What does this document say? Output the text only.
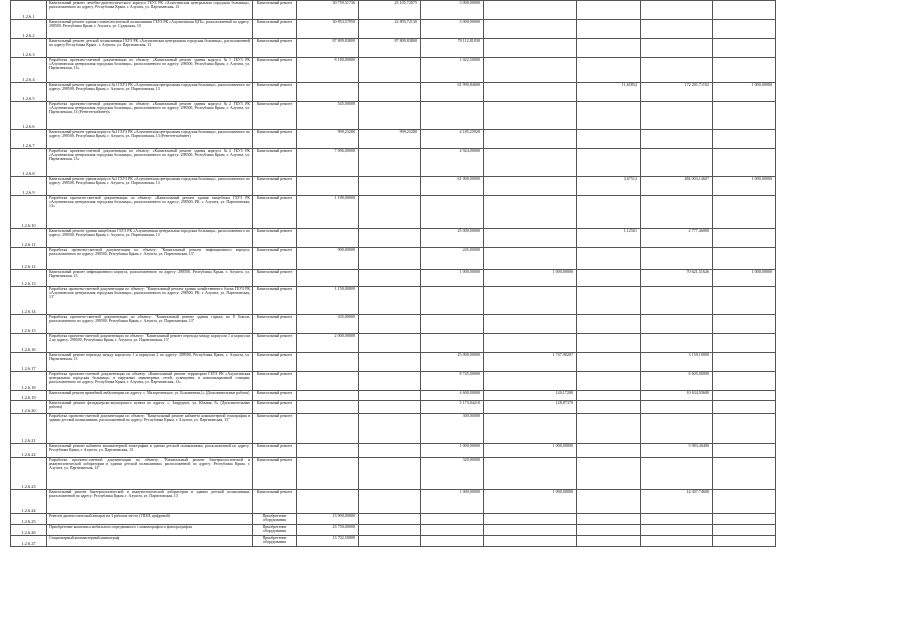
1.2.6.1	Капитальный ремонт лечебно-диагностического корпуса ГБУЗ РК «Алуштинская центральная городская больница», расположенного по адресу: Республика Крым, г. Алушта, ул. Партизанская, 13	Капитальный ремонт	30 759,31736	25 105,72075	3 000,00000				
1.2.6.2	Капитальный ремонт здания стоматологической поликлиники ГБУЗ РК «Алуштинская ЦГБ», расположенной по адресу: 298500, Республика Крым, г. Алушта, ул. Судакская, 10	Капитальный ремонт	30 853,57950	22 895,72130	3 000,00000				
1.2.6.3	Капитальный ремонт детской поликлиники ГБУЗ РК «Алуштинская центральная городская больница», расположенной по адресу:Республика Крым , г. Алушта, ул. Партизанская, 13	Капитальный ремонт	87 809,83800	87 809,83800	79 112,81830				
1.2.6.4	Разработка проектно-сметной документации по объекту: «Капитальный ремонт здания корпуса №1 ГБУЗ РК «Алуштинская центральная городская больница», расположенного по адресу: 298500, Республика Крым, г. Алушта, ул. Партизанская, 13»	Капитальный ремонт	8 180,00000		1 022,50000				
1.2.6.5	Капитальный ремонт здания корпуса №1 ГБУЗ РК «Алуштинская центральная городская больница», расположенного по адресу: 298500, Республика Крым, г. Алушта, ул. Партизанская, 13	Капитальный ремонт			61 990,84000		11,65852	172 201,71102	1 000,00000
1.2.6.6	Разработка проектно-сметной документации по объекту: «Капитальный ремонт здания корпуса №2 ГБУЗ РК «Алуштинская центральная городская больница», расположенного по адресу: 298500, Республика Крым, г. Алушта, ул. Партизанская, 13 (Рентген-кабинет)»	Капитальный ремонт	545,00000						
1.2.6.7	Капитальный ремонт здания корпуса №2 ГБУЗ РК «Алуштинская центральная городская больница», расположенного по адресу: 298500, Республика Крым, г. Алушта, ул. Партизанская, 13 (Рентген-кабинет)	Капитальный ремонт	999,23280	999,23280	4 185,25920				
1.2.6.8	Разработка проектно-сметной документации по объекту: «Капитальный ремонт здания корпуса №2 ГБУЗ РК «Алуштинская центральная городская больница», расположенного по адресу: 298500, Республика Крым, г. Алушта, ул. Партизанская, 13»	Капитальный ремонт	7 096,00000		4 924,00000				
1.2.6.9	Капитальный ремонт здания корпуса №2 ГБУЗ РК «Алуштинская центральная городская больница», расположенного по адресу: 298500, Республика Крым, г. Алушта, ул. Партизанская, 13	Капитальный ремонт			61 000,00000		3,67512	484 003,14607	1 000,00000
1.2.6.10	Разработка проектно-сметной документации по объекту: «Капитальный ремонт здания пищеблока ГБУЗ РК «Алуштинская центральная городская больница», расположенного по адресу: 298500, РК, г. Алушта, ул. Партизанская, 13»	Капитальный ремонт	1 180,00000						
1.2.6.11	Капитальный ремонт здания пищеблока ГБУЗ РК «Алуштинская центральная городская больница», расположенного по адресу: 298500, Республика Крым, г. Алушта, ул. Партизанская, 13	Капитальный ремонт			25 000,00000		1,12561	2 777,46000	
1.2.6.12	Разработка проектно-сметной документации по объекту: "Капитальный ремонт инфекционного корпуса, расположенного по адресу: 298500, Республика Крым, г. Алушта, ул. Партизанская, 13"	Капитальный ремонт	900,00000		245,00000				
1.2.6.13	Капитальный ремонт инфекционного корпуса, расположенного по адресу: 298500, Республика Крым, г. Алушта, ул. Партизанская, 13	Капитальный ремонт			1 000,00000	1 000,00000		70 621,51626	1 000,00000
1.2.6.14	Разработка проектно-сметной документации по объекту: "Капитальный ремонт здания хозяйственного блока ГБУЗ РК «Алуштинская центральная городская больница», расположенного по адресу: 298500, РК, г. Алушта, ул. Партизанская, 13"	Капитальный ремонт	1 150,00000						
1.2.6.15	Разработка проектно-сметной документации по объекту: "Капитальный ремонт здания гаража на 8 боксов, расположенного по адресу: 298500, Республика Крым, г. Алушта, ул. Партизанская, 13"	Капитальный ремонт	435,00000						
1.2.6.16	Разработка проектно-сметной документации по объекту: "Капитальный ремонт перехода между корпусом 1 и корпусом 2 по адресу: 298500, Республика Крым, г. Алушта, ул. Партизанская, 13"	Капитальный ремонт	2 000,00000						
1.2.6.17	Капитальный ремонт перехода между корпусом 1 и корпусом 2 по адресу: 298500, Республика Крым, г. Алушта, ул. Партизанская, 13	Капитальный ремонт			25 000,00000	1 747,90207		3 159,10000	
1.2.6.18	Разработка проектно-сметной документации по объекту: «Капитальный ремонт территории ГБУЗ РК «Алуштинская центральная городская больница» в наружных инженерных сетей, освещения, в канализационной станции, расположенного по адресу: Республика Крым, г. Алушта, ул. Партизанская, 13»	Капитальный ремонт			8 745,00000			6 605,00000	
1.2.6.19	Капитальный ремонт врачебной амбулатории по адресу: с. Малореченское, ул. Больничная,1» (Дополнительные работы)	Капитальный ремонт			4 600,00000	120,17200		10 634,93600	
1.2.6.20	Капитальный ремонт фельдшерско-акушерского пункта по адресу: с. Запрудное, ул. Южная, 8» (Дополнительные работы)	Капитальный ремонт			5 173,04210	128,87370			
1.2.6.21	Разработка проектно-сметной документации по объекту: "Капитальный ремонт кабинета компьютерной томографии в здании детской поликлиники, расположенной по адресу: Республика Крым, г. Алушта, ул. Партизанская, 13"	Капитальный ремонт			300,00000				
1.2.6.22	Капитальный ремонт кабинета компьютерной томографии в здании детской поликлиники, расположенной по адресу: Республика Крым, г. Алушта, ул. Партизанская, 13	Капитальный ремонт			1 000,00000	1 000,00000		5 983,40400	
1.2.6.23	Разработка проектно-сметной документации по объекту: "Капитальный ремонт бактериологической и иммунологической лаборатории в здании детской поликлиники, расположенной по адресу: Республика Крым, г. Алушта, ул. Партизанская, 13"	Капитальный ремонт			320,00000				
1.2.6.24	Капитальный ремонт бактериологической и иммунологической лаборатории в здании детской поликлиники, расположенной по адресу: Республика Крым, г. Алушта, ул. Партизанская, 13	Капитальный ремонт			1 000,00000	1 000,00000		14 307,74600	
1.2.6.25	Рентген диагностический аппарат на 3 рабочих места (ТПЗП, цифровой)	Приобретение оборудования	13 900,00000						
1.2.6.26	Приобретение комплекса мобильного передвижного с маммографом и флюорографом	Приобретение оборудования	23 750,00000						
1.2.6.27	Стационарный компьютерный маммограф	Приобретение оборудования	13 702,50000						
